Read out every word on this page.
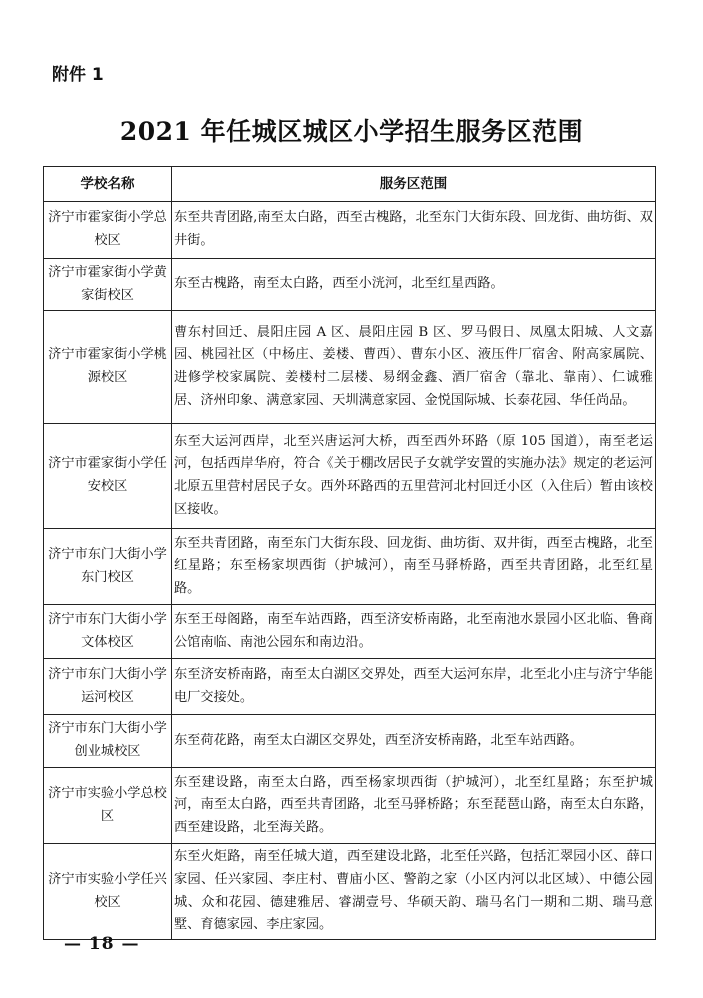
附件 1
2021 年任城区城区小学招生服务区范围
学校名称	服务区范围
济宁市霍家街小学总校区	东至共青团路,南至太白路，西至古槐路，北至东门大街东段、回龙街、曲坊街、双井街。
济宁市霍家街小学黄家街校区	东至古槐路，南至太白路，西至小洸河，北至红星西路。
济宁市霍家街小学桃源校区	曹东村回迁、晨阳庄园 A 区、晨阳庄园 B 区、罗马假日、凤凰太阳城、人文嘉园、桃园社区（中杨庄、姜楼、曹西）、曹东小区、液压件厂宿舍、附高家属院、进修学校家属院、姜楼村二层楼、易纲金鑫、酒厂宿舍（靠北、靠南）、仁诚雅居、济州印象、满意家园、天圳满意家园、金悦国际城、长泰花园、华任尚品。
济宁市霍家街小学任安校区	东至大运河西岸，北至兴唐运河大桥，西至西外环路（原 105 国道），南至老运河，包括西岸华府，符合《关于棚改居民子女就学安置的实施办法》规定的老运河北原五里营村居民子女。西外环路西的五里营河北村回迁小区（入住后）暂由该校区接收。
济宁市东门大街小学东门校区	东至共青团路，南至东门大街东段、回龙街、曲坊街、双井街，西至古槐路，北至红星路；东至杨家坝西街（护城河），南至马驿桥路，西至共青团路，北至红星路。
济宁市东门大街小学文体校区	东至王母阁路，南至车站西路，西至济安桥南路，北至南池水景园小区北临、鲁商公馆南临、南池公园东和南边沿。
济宁市东门大街小学运河校区	东至济安桥南路，南至太白湖区交界处，西至大运河东岸，北至北小庄与济宁华能电厂交接处。
济宁市东门大街小学创业城校区	东至荷花路，南至太白湖区交界处，西至济安桥南路，北至车站西路。
济宁市实验小学总校区	东至建设路，南至太白路，西至杨家坝西街（护城河），北至红星路；东至护城河，南至太白路，西至共青团路，北至马驿桥路；东至琵琶山路，南至太白东路，西至建设路，北至海关路。
济宁市实验小学任兴校区	东至火炬路，南至任城大道，西至建设北路，北至任兴路，包括汇翠园小区、薛口家园、任兴家园、李庄村、曹庙小区、警韵之家（小区内河以北区域）、中德公园城、众和花园、德建雅居、睿湖壹号、华硕天韵、瑞马名门一期和二期、瑞马意墅、育德家园、李庄家园。
— 18 —
